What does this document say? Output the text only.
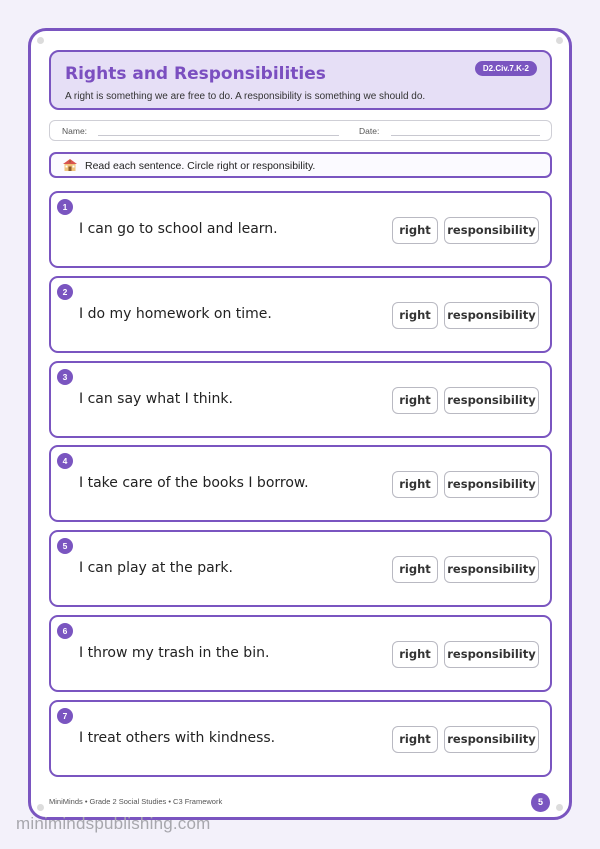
Rights and Responsibilities
A right is something we are free to do. A responsibility is something we should do.
D2.Civ.7.K-2
Name:	Date:
Read each sentence. Circle right or responsibility.
1
I can go to school and learn.	right	responsibility
2
I do my homework on time.	right	responsibility
3
I can say what I think.	right	responsibility
4
I take care of the books I borrow.	right	responsibility
5
I can play at the park.	right	responsibility
6
I throw my trash in the bin.	right	responsibility
7
I treat others with kindness.	right	responsibility
MiniMinds • Grade 2 Social Studies • C3 Framework	5
minimindspublishing.com
